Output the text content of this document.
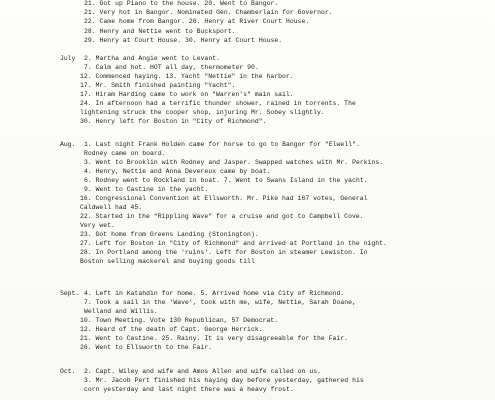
21. Got up Piano to the house. 20. Went to Bangor.
21. Very hot in Bangor. Nominated Gen. Chamberlain for Governor.
22. Came home from Bangor. 26. Henry at River Court House.
28. Henry and Nettie went to Bucksport.
29. Henry at Court House. 30. Henry at Court House.
July 2. Martha and Angie went to Levant.
7. Calm and hot. HOT all day, thermometer 90.
12. Commenced haying. 13. Yacht "Nettie" in the harbor.
17. Mr. Smith finished painting "Yacht".
17. Hiram Harding came to work on "Warren's" main sail.
24. In afternoon had a terrific thunder shower, rained in torrents. The
lightening struck the cooper shop, injuring Mr. Sobey slightly.
30. Henry left for Boston in "City of Richmond".
Aug. 1. Last night Frank Holden came for horse to go to Bangor for "Elwell".
Rodney came on board.
3. Went to Brooklin with Rodney and Jasper. Swapped watches with Mr. Perkins.
4. Henry, Nettie and Anna Devereux came by boat.
6. Rodney went to Rockland in boat. 7. Went to Swans Island in the yacht.
9. Went to Castine in the yacht.
16. Congressional Convention at Ellsworth. Mr. Pike had 167 votes, General
Caldwell had 45.
22. Started in the "Rippling Wave" for a cruise and got to Campbell Cove.
Very wet.
23. Got home from Greens Landing (Stonington).
27. Left for Boston in "City of Richmond" and arrived at Portland in the night.
28. In Portland among the 'ruins'. Left for Boston in steamer Lewiston. In
Boston selling mackerel and buying goods till
Sept. 4. Left in Katahdin for home. 5. Arrived home via City of Richmond.
7. Took a sail in the 'Wave', took with me, wife, Nettie, Sarah Doane,
Welland and Willis.
10. Town Meeting. Vote 130 Republican, 57 Democrat.
12. Heard of the death of Capt. George Herrick.
21. Went to Castine. 25. Rainy. It is very disagreeable for the Fair.
26. Went to Ellsworth to the Fair.
Oct. 2. Capt. Wiley and wife and Amos Allen and wife called on us.
3. Mr. Jacob Pert finished his haying day before yesterday, gathered his
corn yesterday and last night there was a heavy frost.
